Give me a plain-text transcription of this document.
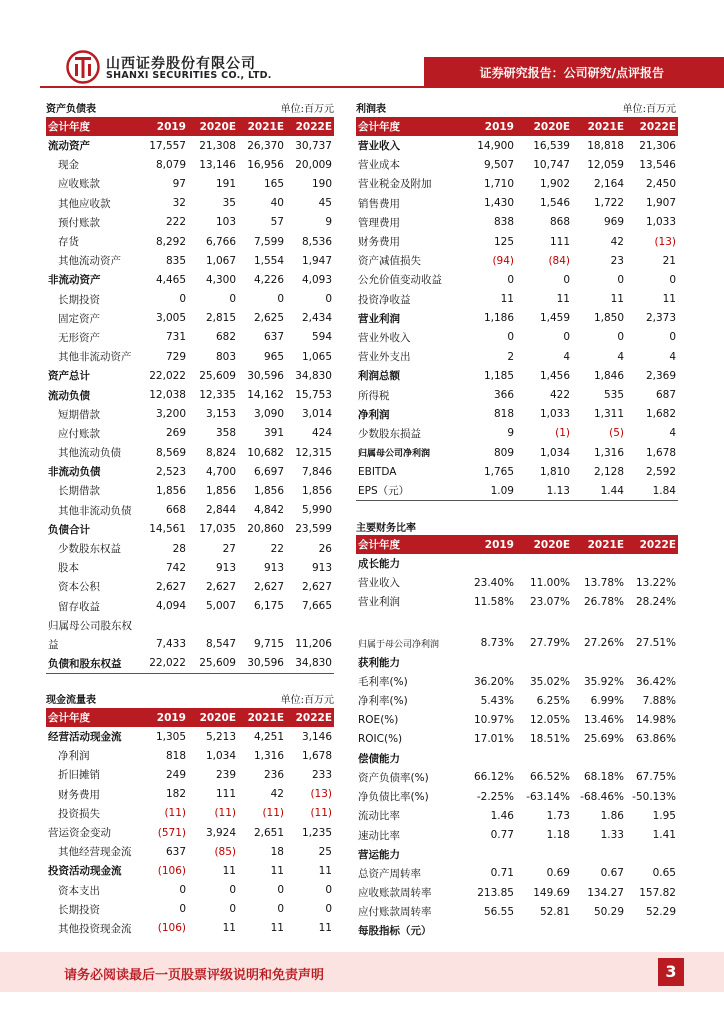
山西证券股份有限公司
SHANXI SECURITIES CO., LTD.	证券研究报告：公司研究/点评报告
资产负债表	单位:百万元
会计年度	2019	2020E	2021E	2022E
流动资产	17,557	21,308	26,370	30,737
现金	8,079	13,146	16,956	20,009
应收账款	97	191	165	190
其他应收款	32	35	40	45
预付账款	222	103	57	9
存货	8,292	6,766	7,599	8,536
其他流动资产	835	1,067	1,554	1,947
非流动资产	4,465	4,300	4,226	4,093
长期投资	0	0	0	0
固定资产	3,005	2,815	2,625	2,434
无形资产	731	682	637	594
其他非流动资产	729	803	965	1,065
资产总计	22,022	25,609	30,596	34,830
流动负债	12,038	12,335	14,162	15,753
短期借款	3,200	3,153	3,090	3,014
应付账款	269	358	391	424
其他流动负债	8,569	8,824	10,682	12,315
非流动负债	2,523	4,700	6,697	7,846
长期借款	1,856	1,856	1,856	1,856
其他非流动负债	668	2,844	4,842	5,990
负债合计	14,561	17,035	20,860	23,599
少数股东权益	28	27	22	26
股本	742	913	913	913
资本公积	2,627	2,627	2,627	2,627
留存收益	4,094	5,007	6,175	7,665
归属母公司股东权				
益	7,433	8,547	9,715	11,206
负债和股东权益	22,022	25,609	30,596	34,830
利润表	单位:百万元
会计年度	2019	2020E	2021E	2022E
营业收入	14,900	16,539	18,818	21,306
营业成本	9,507	10,747	12,059	13,546
营业税金及附加	1,710	1,902	2,164	2,450
销售费用	1,430	1,546	1,722	1,907
管理费用	838	868	969	1,033
财务费用	125	111	42	(13)
资产减值损失	(94)	(84)	23	21
公允价值变动收益	0	0	0	0
投资净收益	11	11	11	11
营业利润	1,186	1,459	1,850	2,373
营业外收入	0	0	0	0
营业外支出	2	4	4	4
利润总额	1,185	1,456	1,846	2,369
所得税	366	422	535	687
净利润	818	1,033	1,311	1,682
少数股东损益	9	(1)	(5)	4
归属母公司净利润	809	1,034	1,316	1,678
EBITDA	1,765	1,810	2,128	2,592
EPS（元）	1.09	1.13	1.44	1.84
主要财务比率
会计年度	2019	2020E	2021E	2022E
成长能力				
营业收入	23.40%	11.00%	13.78%	13.22%
营业利润	11.58%	23.07%	26.78%	28.24%

归属于母公司净利润	8.73%	27.79%	27.26%	27.51%
获利能力				
毛利率(%)	36.20%	35.02%	35.92%	36.42%
净利率(%)	5.43%	6.25%	6.99%	7.88%
ROE(%)	10.97%	12.05%	13.46%	14.98%
ROIC(%)	17.01%	18.51%	25.69%	63.86%
偿债能力				
资产负债率(%)	66.12%	66.52%	68.18%	67.75%
净负债比率(%)	-2.25%	-63.14%	-68.46%	-50.13%
流动比率	1.46	1.73	1.86	1.95
速动比率	0.77	1.18	1.33	1.41
营运能力				
总资产周转率	0.71	0.69	0.67	0.65
应收账款周转率	213.85	149.69	134.27	157.82
应付账款周转率	56.55	52.81	50.29	52.29
每股指标（元）				
现金流量表	单位:百万元
会计年度	2019	2020E	2021E	2022E
经营活动现金流	1,305	5,213	4,251	3,146
净利润	818	1,034	1,316	1,678
折旧摊销	249	239	236	233
财务费用	182	111	42	(13)
投资损失	(11)	(11)	(11)	(11)
营运资金变动	(571)	3,924	2,651	1,235
其他经营现金流	637	(85)	18	25
投资活动现金流	(106)	11	11	11
资本支出	0	0	0	0
长期投资	0	0	0	0
其他投资现金流	(106)	11	11	11
请务必阅读最后一页股票评级说明和免责声明	3
